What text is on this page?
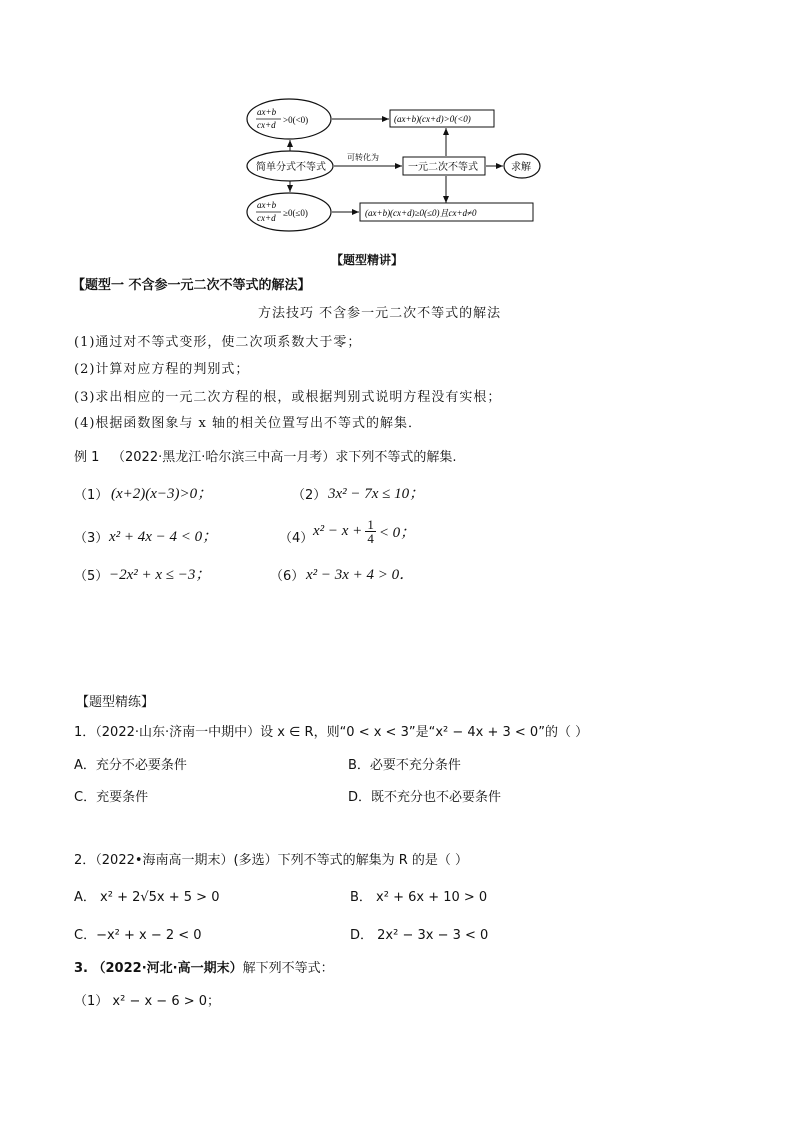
ax+b
cx+d >0(<0)	(ax+b)(cx+d)>0(<0)
简单分式不等式
可转化为
一元二次不等式	求解
ax+b
cx+d ≥0(≤0)	(ax+b)(cx+d)≥0(≤0)且cx+d≠0
【题型精讲】
【题型一 不含参一元二次不等式的解法】
方法技巧 不含参一元二次不等式的解法
(1)通过对不等式变形，使二次项系数大于零；
(2)计算对应方程的判别式；
(3)求出相应的一元二次方程的根，或根据判别式说明方程没有实根；
(4)根据函数图象与 x 轴的相关位置写出不等式的解集．
例 1 （2022·黑龙江·哈尔滨三中高一月考）求下列不等式的解集.
（1） (x+2)(x−3)>0；	（2） 3x² − 7x ≤ 10；
（3） x² + 4x − 4 < 0；	（4） $x^2 - x + \frac{1}{4} < 0$；
（5） −2x² + x ≤ −3；	（6） x² − 3x + 4 > 0．
【题型精练】
1．（2022·山东·济南一中期中）设 x ∈ R，则“0 < x < 3”是“x² − 4x + 3 < 0”的（ ）
A．充分不必要条件	B．必要不充分条件
C．充要条件	D．既不充分也不必要条件
2．（2022•海南高一期末）(多选）下列不等式的解集为 R 的是（ ）
A． x² + 2√5x + 5 > 0	B． x² + 6x + 10 > 0
C．−x² + x − 2 < 0	D． 2x² − 3x − 3 < 0
3. （2022·河北·高一期末）解下列不等式：
（1） x² − x − 6 > 0；
